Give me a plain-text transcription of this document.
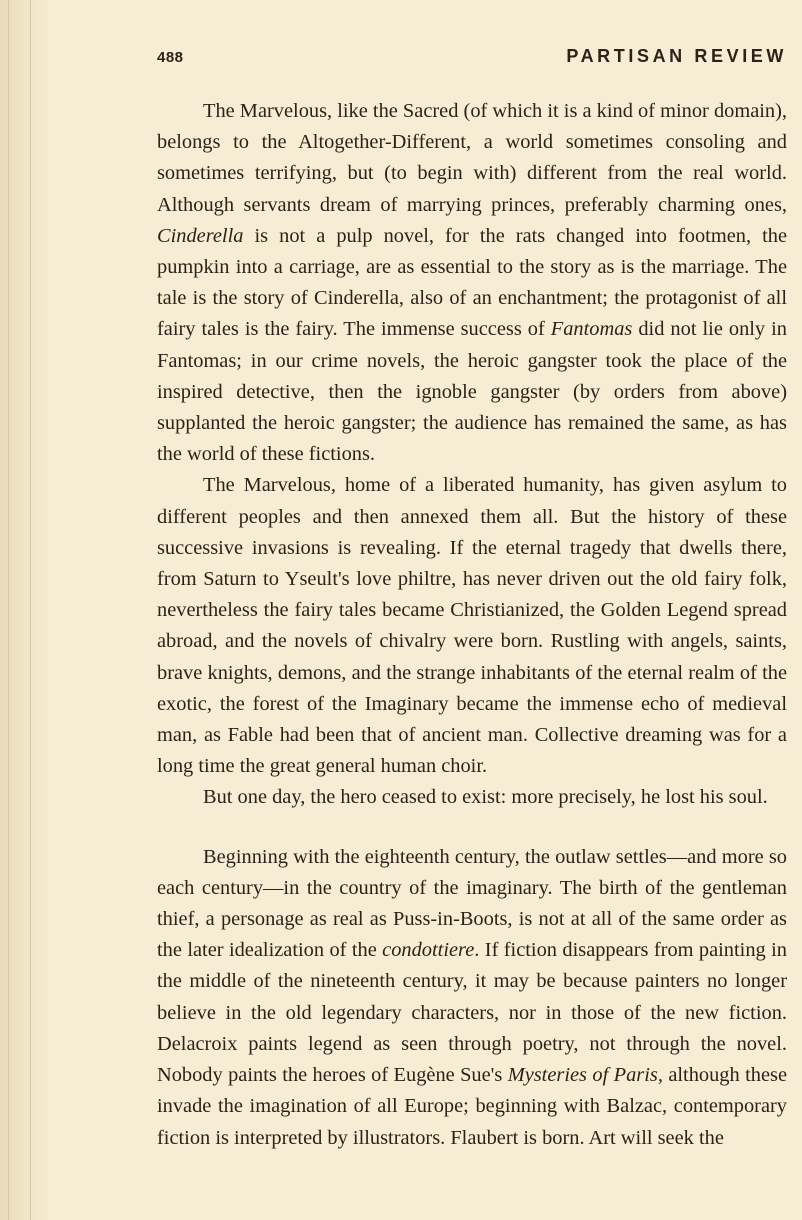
488	PARTISAN REVIEW

The Marvelous, like the Sacred (of which it is a kind of minor domain), belongs to the Altogether-Different, a world sometimes consoling and sometimes terrifying, but (to begin with) different from the real world. Although servants dream of marrying princes, preferably charming ones, Cinderella is not a pulp novel, for the rats changed into footmen, the pumpkin into a carriage, are as essential to the story as is the marriage. The tale is the story of Cinderella, also of an enchantment; the protagonist of all fairy tales is the fairy. The immense success of Fantomas did not lie only in Fantomas; in our crime novels, the heroic gangster took the place of the inspired detective, then the ignoble gangster (by orders from above) supplanted the heroic gangster; the audience has remained the same, as has the world of these fictions.

The Marvelous, home of a liberated humanity, has given asylum to different peoples and then annexed them all. But the history of these successive invasions is revealing. If the eternal tragedy that dwells there, from Saturn to Yseult's love philtre, has never driven out the old fairy folk, nevertheless the fairy tales became Christianized, the Golden Legend spread abroad, and the novels of chivalry were born. Rustling with angels, saints, brave knights, demons, and the strange inhabitants of the eternal realm of the exotic, the forest of the Imaginary became the immense echo of medieval man, as Fable had been that of ancient man. Collective dreaming was for a long time the great general human choir.

But one day, the hero ceased to exist: more precisely, he lost his soul.

Beginning with the eighteenth century, the outlaw settles—and more so each century—in the country of the imaginary. The birth of the gentleman thief, a personage as real as Puss-in-Boots, is not at all of the same order as the later idealization of the condottiere. If fiction disappears from painting in the middle of the nineteenth century, it may be because painters no longer believe in the old legendary characters, nor in those of the new fiction. Delacroix paints legend as seen through poetry, not through the novel. Nobody paints the heroes of Eugène Sue's Mysteries of Paris, although these invade the imagination of all Europe; beginning with Balzac, contemporary fiction is interpreted by illustrators. Flaubert is born. Art will seek the
